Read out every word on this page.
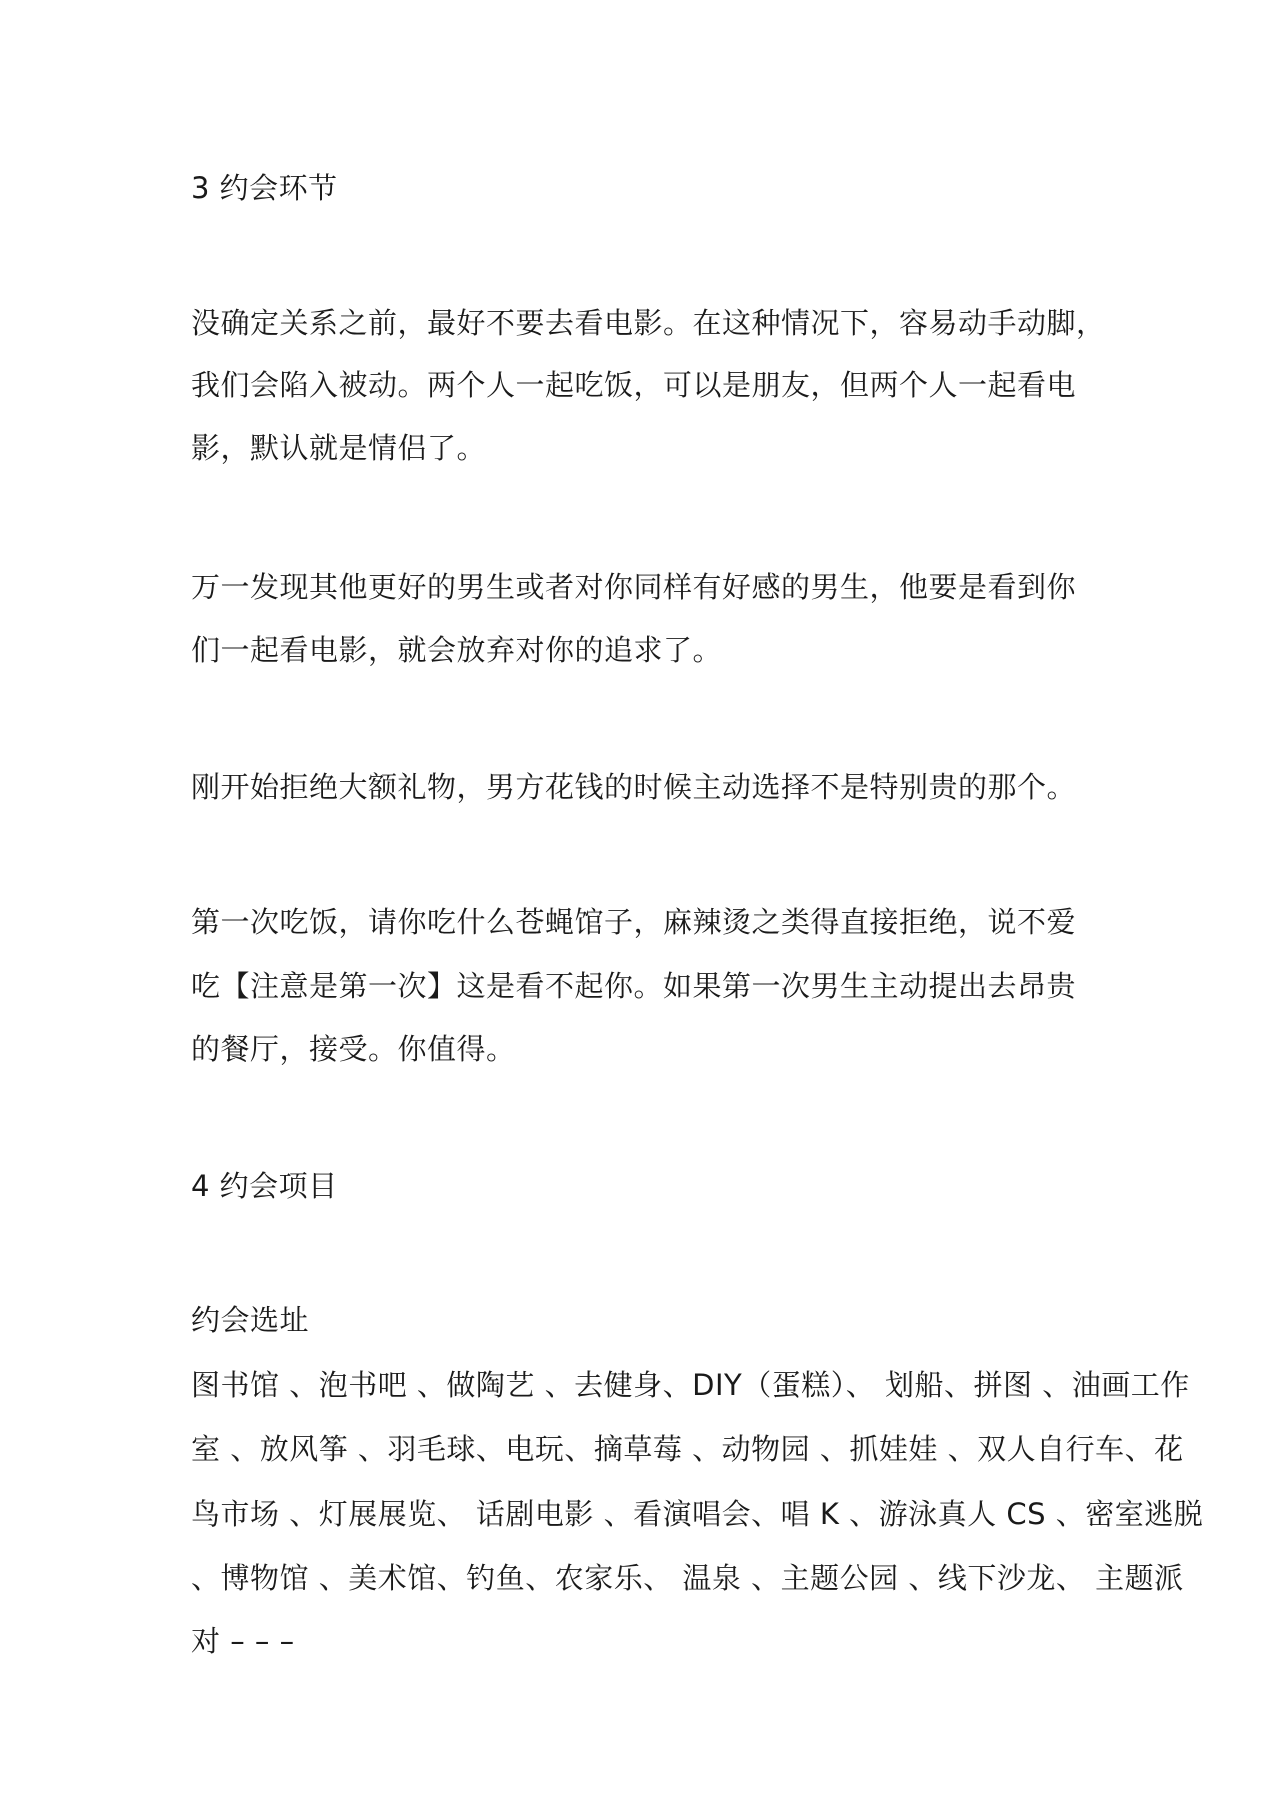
3 约会环节

没确定关系之前，最好不要去看电影。在这种情况下，容易动手动脚，

我们会陷入被动。两个人一起吃饭，可以是朋友，但两个人一起看电

影，默认就是情侣了。

万一发现其他更好的男生或者对你同样有好感的男生，他要是看到你

们一起看电影，就会放弃对你的追求了。

刚开始拒绝大额礼物，男方花钱的时候主动选择不是特别贵的那个。

第一次吃饭，请你吃什么苍蝇馆子，麻辣烫之类得直接拒绝，说不爱

吃【注意是第一次】这是看不起你。如果第一次男生主动提出去昂贵

的餐厅，接受。你值得。

4 约会项目

约会选址

图书馆 、泡书吧 、做陶艺 、去健身、DIY（蛋糕）、 划船、拼图 、油画工作

室 、放风筝 、羽毛球、电玩、摘草莓 、动物园 、抓娃娃 、双人自行车、花

鸟市场 、灯展展览、 话剧电影 、看演唱会、唱 K 、游泳真人 CS 、密室逃脱

、博物馆 、美术馆、钓鱼、农家乐、 温泉 、主题公园 、线下沙龙、 主题派

对 – – –
